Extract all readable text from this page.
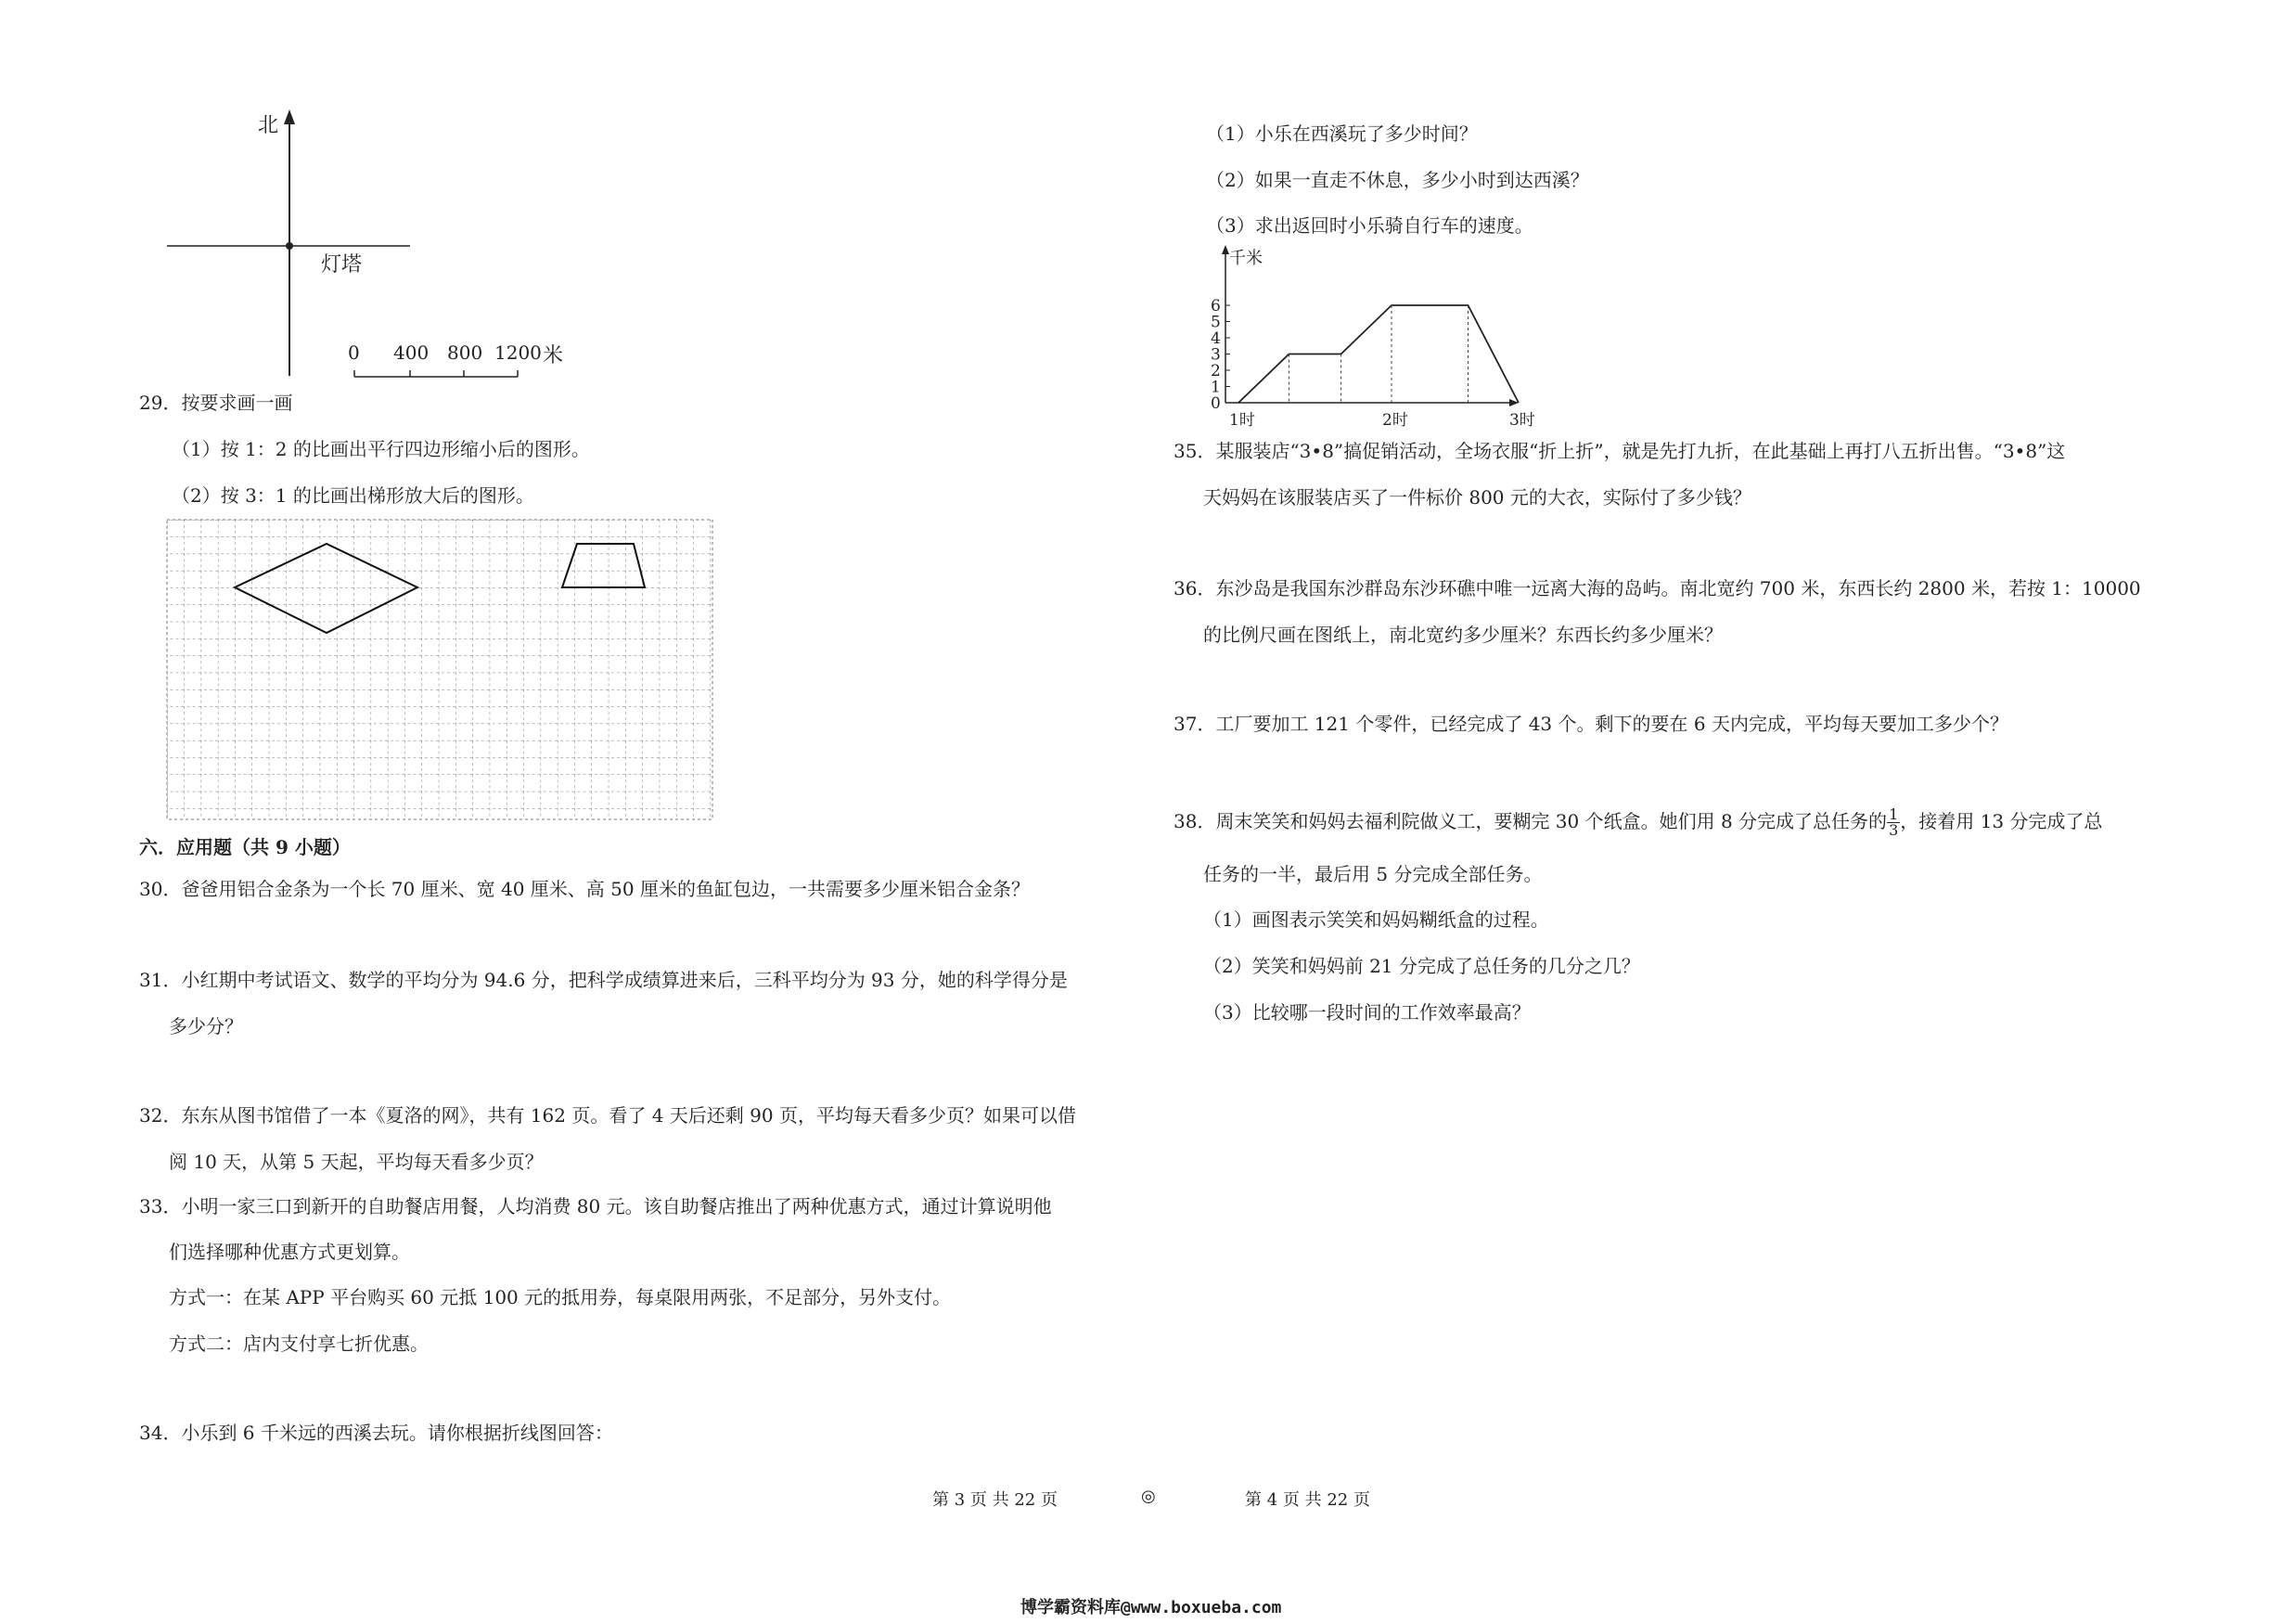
北
灯塔
0 400 800 1200 米
29．按要求画一画
（1）按 1：2 的比画出平行四边形缩小后的图形。
（2）按 3：1 的比画出梯形放大后的图形。
六．应用题（共 9 小题）
30．爸爸用铝合金条为一个长 70 厘米、宽 40 厘米、高 50 厘米的鱼缸包边，一共需要多少厘米铝合金条？
31．小红期中考试语文、数学的平均分为 94.6 分，把科学成绩算进来后，三科平均分为 93 分，她的科学得分是
多少分？
32．东东从图书馆借了一本《夏洛的网》，共有 162 页。看了 4 天后还剩 90 页，平均每天看多少页？如果可以借
阅 10 天，从第 5 天起，平均每天看多少页？
33．小明一家三口到新开的自助餐店用餐，人均消费 80 元。该自助餐店推出了两种优惠方式，通过计算说明他
们选择哪种优惠方式更划算。
方式一：在某 APP 平台购买 60 元抵 100 元的抵用券，每桌限用两张，不足部分，另外支付。
方式二：店内支付享七折优惠。
34．小乐到 6 千米远的西溪去玩。请你根据折线图回答：
（1）小乐在西溪玩了多少时间？
（2）如果一直走不休息，多少小时到达西溪？
（3）求出返回时小乐骑自行车的速度。
千米
0
1
2
3
4
5
6
1时	2时	3时
35．某服装店“3•8”搞促销活动，全场衣服“折上折”，就是先打九折，在此基础上再打八五折出售。“3•8”这
天妈妈在该服装店买了一件标价 800 元的大衣，实际付了多少钱？
36．东沙岛是我国东沙群岛东沙环礁中唯一远离大海的岛屿。南北宽约 700 米，东西长约 2800 米，若按 1：10000
的比例尺画在图纸上，南北宽约多少厘米？东西长约多少厘米？
37．工厂要加工 121 个零件，已经完成了 43 个。剩下的要在 6 天内完成，平均每天要加工多少个？
38．周末笑笑和妈妈去福利院做义工，要糊完 30 个纸盒。她们用 8 分完成了总任务的 $\frac{1}{3}$ ，接着用 13 分完成了总
任务的一半，最后用 5 分完成全部任务。
（1）画图表示笑笑和妈妈糊纸盒的过程。
（2）笑笑和妈妈前 21 分完成了总任务的几分之几？
（3）比较哪一段时间的工作效率最高？
第 3 页 共 22 页	◎	第 4 页 共 22 页
博学霸资料库@www.boxueba.com
